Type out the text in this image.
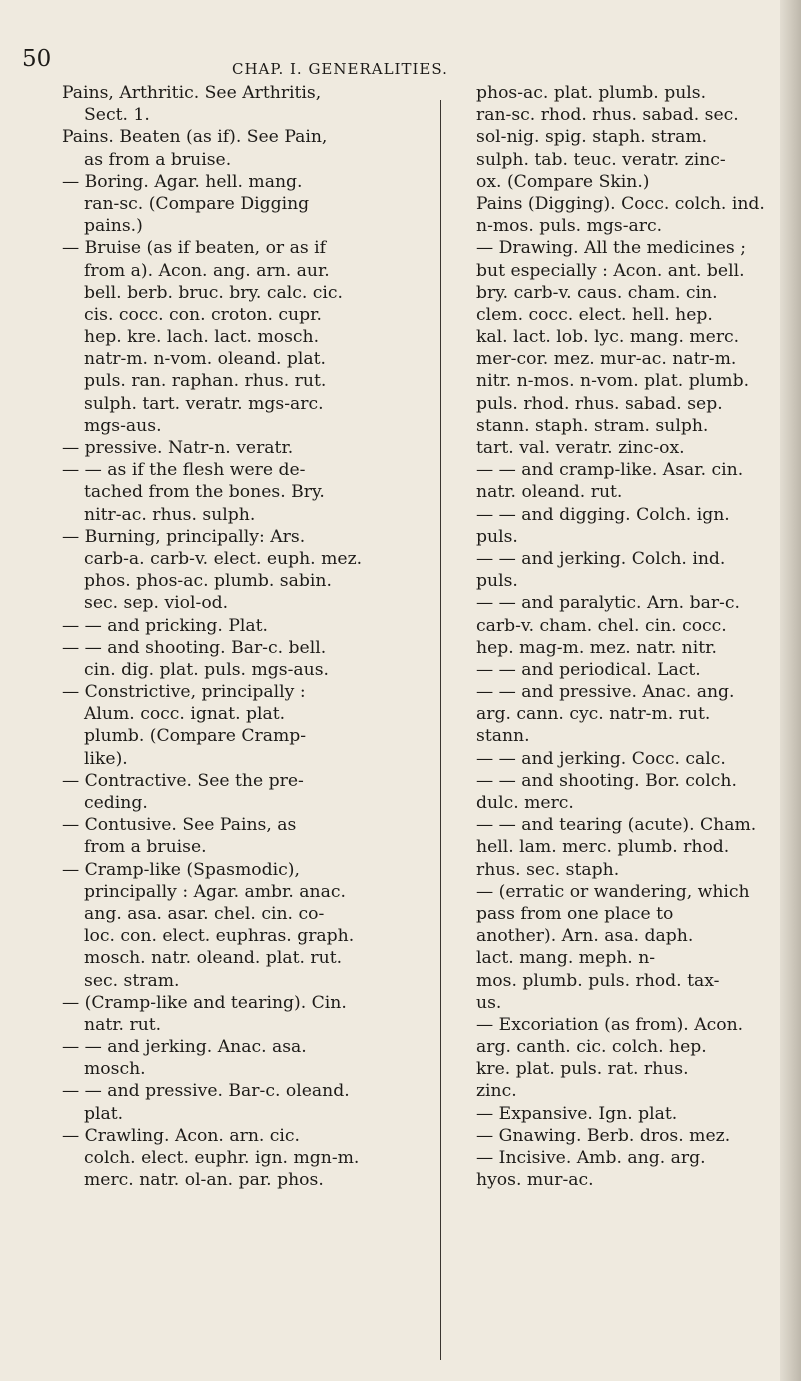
50	CHAP. I. GENERALITIES.
Pains, Arthritic. See Arthritis,
Sect. 1.
Pains. Beaten (as if). See Pain,
as from a bruise.
— Boring. Agar. hell. mang.
ran-sc. (Compare Digging
pains.)
— Bruise (as if beaten, or as if
from a). Acon. ang. arn. aur.
bell. berb. bruc. bry. calc. cic.
cis. cocc. con. croton. cupr.
hep. kre. lach. lact. mosch.
natr-m. n-vom. oleand. plat.
puls. ran. raphan. rhus. rut.
sulph. tart. veratr. mgs-arc.
mgs-aus.
— pressive. Natr-n. veratr.
— — as if the flesh were de-
tached from the bones. Bry.
nitr-ac. rhus. sulph.
— Burning, principally: Ars.
carb-a. carb-v. elect. euph. mez.
phos. phos-ac. plumb. sabin.
sec. sep. viol-od.
— — and pricking. Plat.
— — and shooting. Bar-c. bell.
cin. dig. plat. puls. mgs-aus.
— Constrictive, principally :
Alum. cocc. ignat. plat.
plumb. (Compare Cramp-
like).
— Contractive. See the pre-
ceding.
— Contusive. See Pains, as
from a bruise.
— Cramp-like (Spasmodic),
principally : Agar. ambr. anac.
ang. asa. asar. chel. cin. co-
loc. con. elect. euphras. graph.
mosch. natr. oleand. plat. rut.
sec. stram.
— (Cramp-like and tearing). Cin.
natr. rut.
— — and jerking. Anac. asa.
mosch.
— — and pressive. Bar-c. oleand.
plat.
— Crawling. Acon. arn. cic.
colch. elect. euphr. ign. mgn-m.
merc. natr. ol-an. par. phos.
phos-ac. plat. plumb. puls.
ran-sc. rhod. rhus. sabad. sec.
sol-nig. spig. staph. stram.
sulph. tab. teuc. veratr. zinc-
ox. (Compare Skin.)
Pains (Digging). Cocc. colch. ind.
n-mos. puls. mgs-arc.
— Drawing. All the medicines ;
but especially : Acon. ant. bell.
bry. carb-v. caus. cham. cin.
clem. cocc. elect. hell. hep.
kal. lact. lob. lyc. mang. merc.
mer-cor. mez. mur-ac. natr-m.
nitr. n-mos. n-vom. plat. plumb.
puls. rhod. rhus. sabad. sep.
stann. staph. stram. sulph.
tart. val. veratr. zinc-ox.
— — and cramp-like. Asar. cin.
natr. oleand. rut.
— — and digging. Colch. ign.
puls.
— — and jerking. Colch. ind.
puls.
— — and paralytic. Arn. bar-c.
carb-v. cham. chel. cin. cocc.
hep. mag-m. mez. natr. nitr.
— — and periodical. Lact.
— — and pressive. Anac. ang.
arg. cann. cyc. natr-m. rut.
stann.
— — and jerking. Cocc. calc.
— — and shooting. Bor. colch.
dulc. merc.
— — and tearing (acute). Cham.
hell. lam. merc. plumb. rhod.
rhus. sec. staph.
— (erratic or wandering, which
pass from one place to
another). Arn. asa. daph.
lact. mang. meph. n-
mos. plumb. puls. rhod. tax-
us.
— Excoriation (as from). Acon.
arg. canth. cic. colch. hep.
kre. plat. puls. rat. rhus.
zinc.
— Expansive. Ign. plat.
— Gnawing. Berb. dros. mez.
— Incisive. Amb. ang. arg.
hyos. mur-ac.
